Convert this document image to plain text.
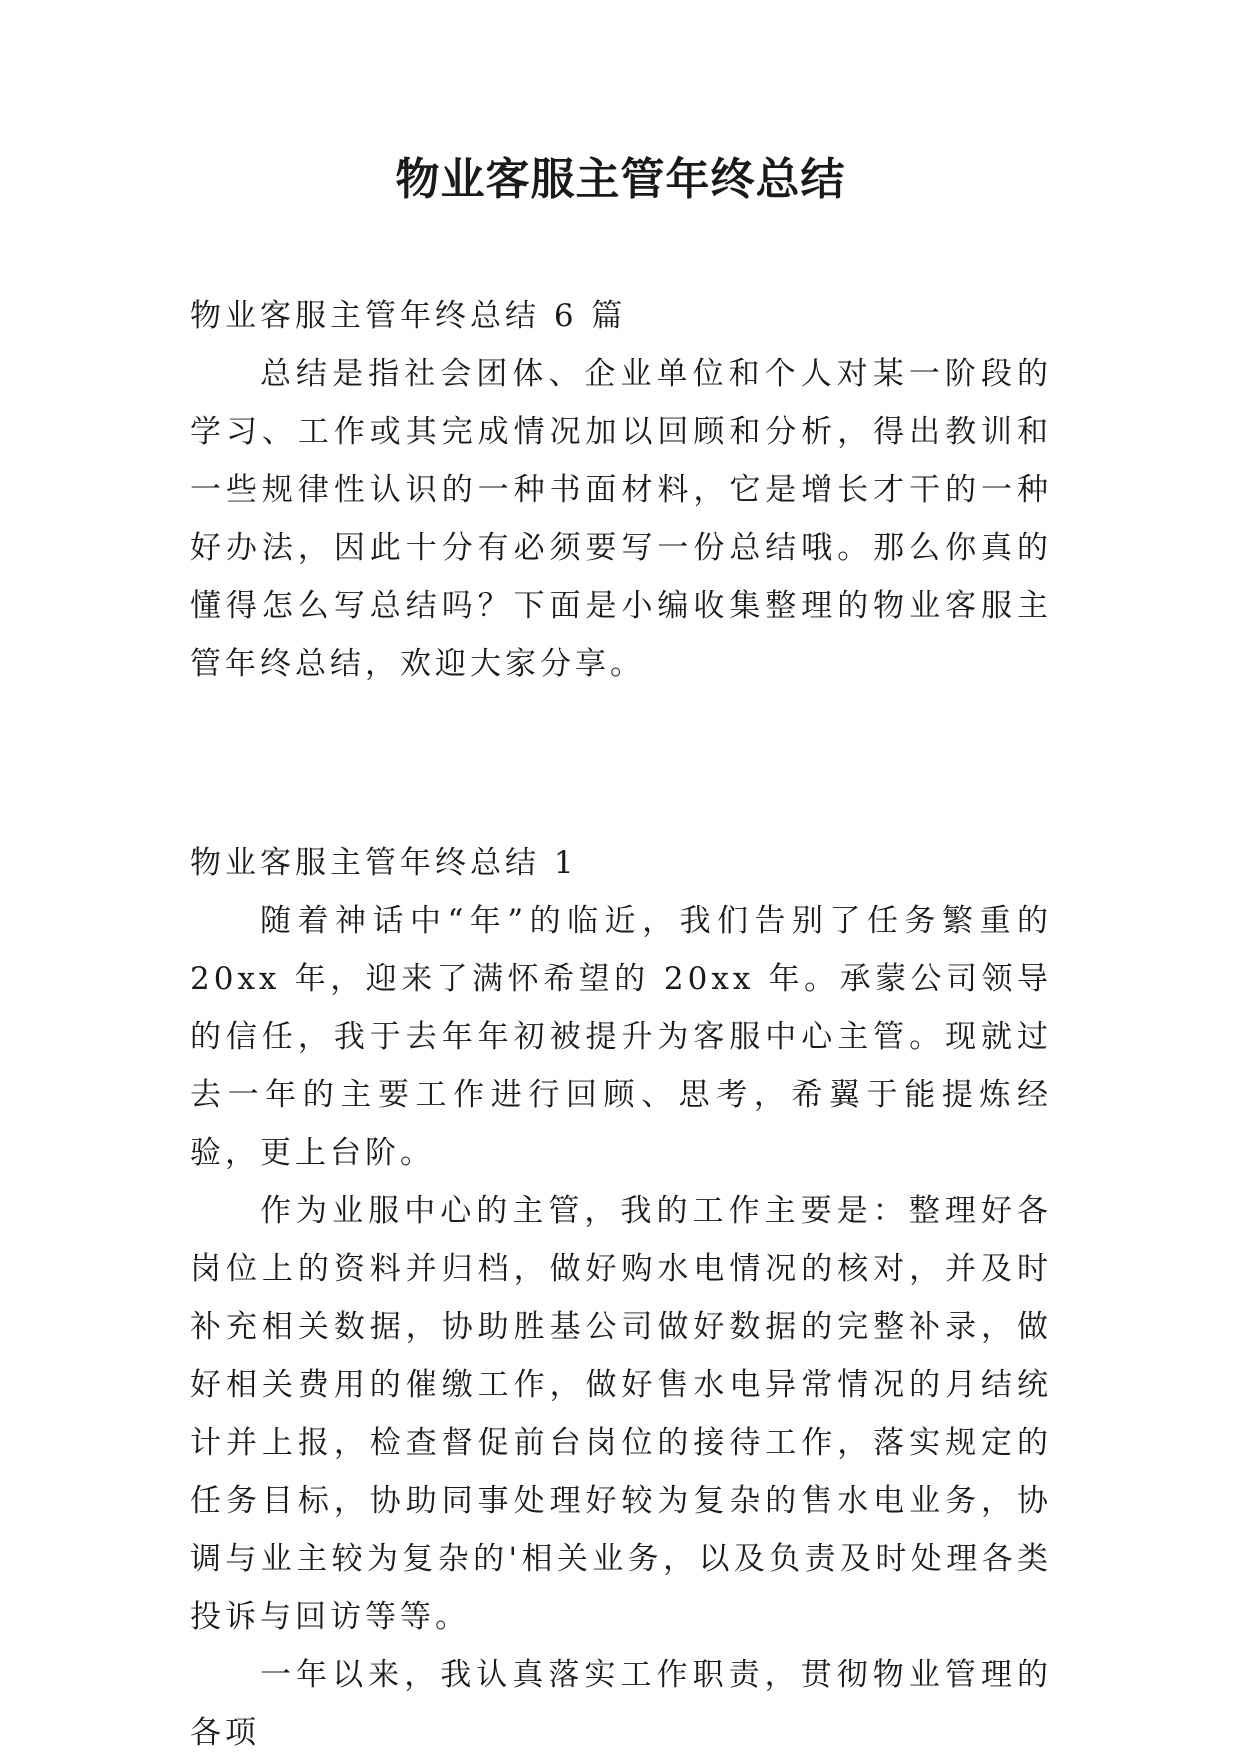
物业客服主管年终总结
物业客服主管年终总结 6 篇

总结是指社会团体、企业单位和个人对某一阶段的学习、工作或其完成情况加以回顾和分析，得出教训和一些规律性认识的一种书面材料，它是增长才干的一种好办法，因此十分有必须要写一份总结哦。那么你真的懂得怎么写总结吗？下面是小编收集整理的物业客服主管年终总结，欢迎大家分享。

物业客服主管年终总结 1

随着神话中“年”的临近，我们告别了任务繁重的 20xx 年，迎来了满怀希望的 20xx 年。承蒙公司领导的信任，我于去年年初被提升为客服中心主管。现就过去一年的主要工作进行回顾、思考，希翼于能提炼经验，更上台阶。

作为业服中心的主管，我的工作主要是：整理好各岗位上的资料并归档，做好购水电情况的核对，并及时补充相关数据，协助胜基公司做好数据的完整补录，做好相关费用的催缴工作，做好售水电异常情况的月结统计并上报，检查督促前台岗位的接待工作，落实规定的任务目标，协助同事处理好较为复杂的售水电业务，协调与业主较为复杂的'相关业务，以及负责及时处理各类投诉与回访等等。

一年以来，我认真落实工作职责，贯彻物业管理的各项
